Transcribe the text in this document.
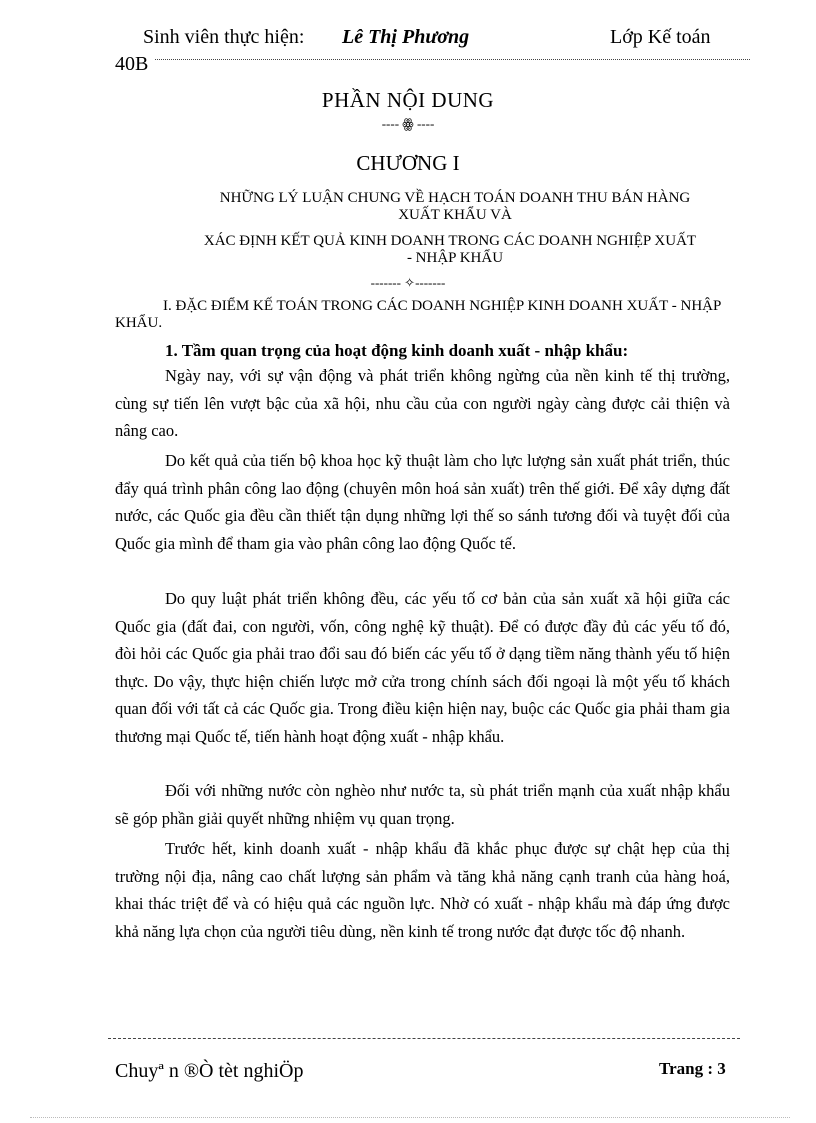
Sinh viên thực hiện: Lê Thị Phương	Lớp Kế toán
40B
PHẦN NỘI DUNG
---- ꙮ ----
CHƯƠNG I
NHỮNG LÝ LUẬN CHUNG VỀ HẠCH TOÁN DOANH THU BÁN HÀNG
XUẤT KHẨU VÀ
XÁC ĐỊNH KẾT QUẢ KINH DOANH TRONG CÁC DOANH NGHIỆP XUẤT
- NHẬP KHẨU
------- ✧-------
I. ĐẶC ĐIỂM KẾ TOÁN TRONG CÁC DOANH NGHIỆP KINH DOANH XUẤT - NHẬP KHẨU.
1. Tầm quan trọng của hoạt động kinh doanh xuất - nhập khẩu:
Ngày nay, với sự vận động và phát triển không ngừng của nền kinh tế thị trường, cùng sự tiến lên vượt bậc của xã hội, nhu cầu của con người ngày càng được cải thiện và nâng cao.
Do kết quả của tiến bộ khoa học kỹ thuật làm cho lực lượng sản xuất phát triển, thúc đẩy quá trình phân công lao động (chuyên môn hoá sản xuất) trên thế giới. Để xây dựng đất nước, các Quốc gia đều cần thiết tận dụng những lợi thế so sánh tương đối và tuyệt đối của Quốc gia mình để tham gia vào phân công lao động Quốc tế.
Do quy luật phát triển không đều, các yếu tố cơ bản của sản xuất xã hội giữa các Quốc gia (đất đai, con người, vốn, công nghệ kỹ thuật). Để có được đầy đủ các yếu tố đó, đòi hỏi các Quốc gia phải trao đổi sau đó biến các yếu tố ở dạng tiềm năng thành yếu tố hiện thực. Do vậy, thực hiện chiến lược mở cửa trong chính sách đối ngoại là một yếu tố khách quan đối với tất cả các Quốc gia. Trong điều kiện hiện nay, buộc các Quốc gia phải tham gia thương mại Quốc tế, tiến hành hoạt động xuất - nhập khẩu.
Đối với những nước còn nghèo như nước ta, sù phát triển mạnh của xuất nhập khẩu sẽ góp phần giải quyết những nhiệm vụ quan trọng.
Trước hết, kinh doanh xuất - nhập khẩu đã khắc phục được sự chật hẹp của thị trường nội địa, nâng cao chất lượng sản phẩm và tăng khả năng cạnh tranh của hàng hoá, khai thác triệt để và có hiệu quả các nguồn lực. Nhờ có xuất - nhập khẩu mà đáp ứng được khả năng lựa chọn của người tiêu dùng, nền kinh tế trong nước đạt được tốc độ nhanh.
Chuyª n ®Ò tèt nghiÖp	Trang : 3
